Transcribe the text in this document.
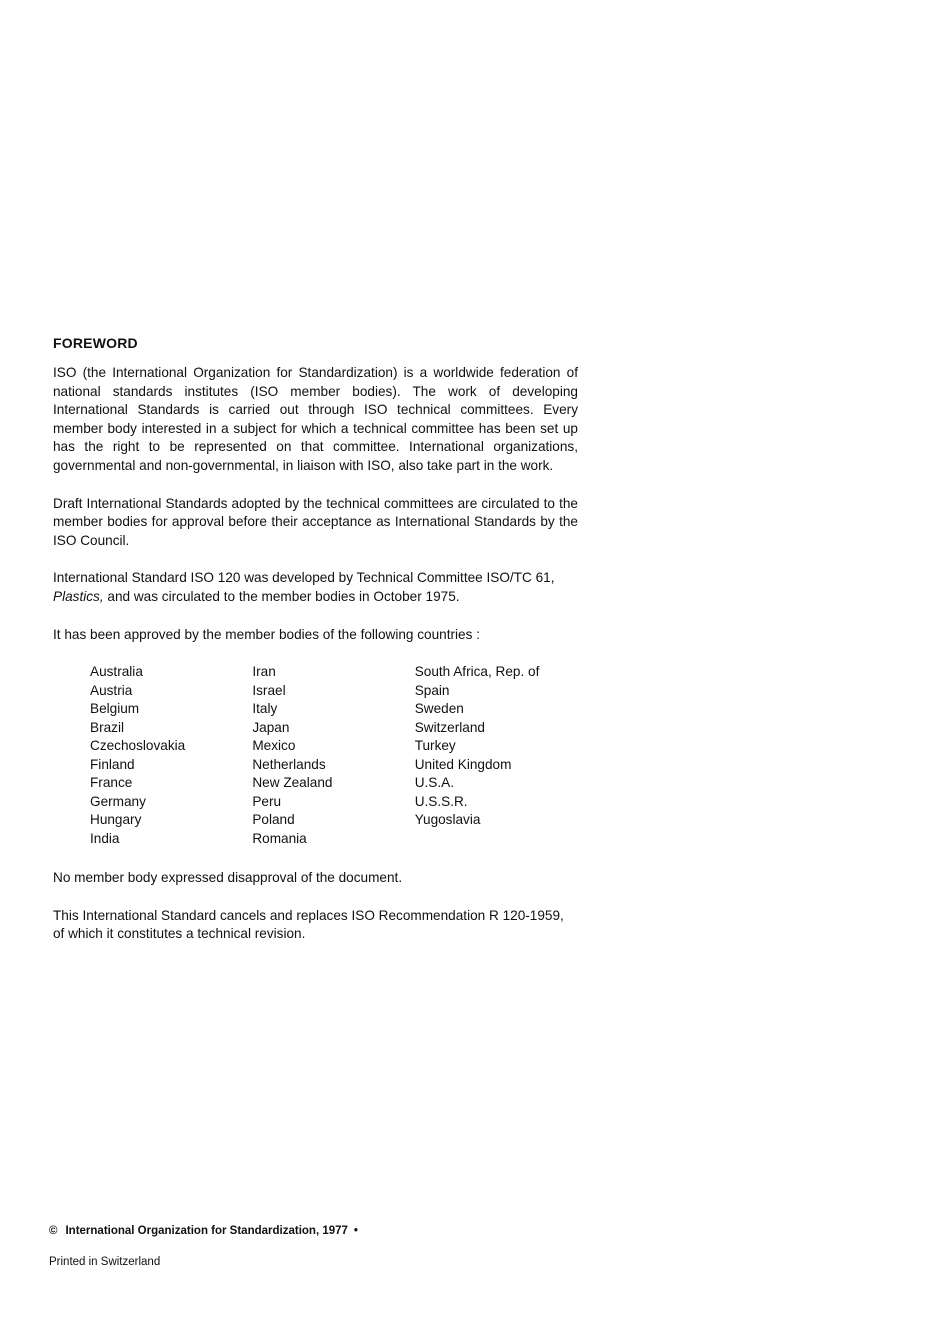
FOREWORD

ISO (the International Organization for Standardization) is a worldwide federation of national standards institutes (ISO member bodies). The work of developing International Standards is carried out through ISO technical committees. Every member body interested in a subject for which a technical committee has been set up has the right to be represented on that committee. International organizations, governmental and non-governmental, in liaison with ISO, also take part in the work.

Draft International Standards adopted by the technical committees are circulated to the member bodies for approval before their acceptance as International Standards by the ISO Council.

International Standard ISO 120 was developed by Technical Committee ISO/TC 61,
Plastics, and was circulated to the member bodies in October 1975.

It has been approved by the member bodies of the following countries :

Australia
Austria
Belgium
Brazil
Czechoslovakia
Finland
France
Germany
Hungary
India
Iran
Israel
Italy
Japan
Mexico
Netherlands
New Zealand
Peru
Poland
Romania
South Africa, Rep. of
Spain
Sweden
Switzerland
Turkey
United Kingdom
U.S.A.
U.S.S.R.
Yugoslavia

No member body expressed disapproval of the document.

This International Standard cancels and replaces ISO Recommendation R 120-1959, of which it constitutes a technical revision.

© International Organization for Standardization, 1977 •
Printed in Switzerland
